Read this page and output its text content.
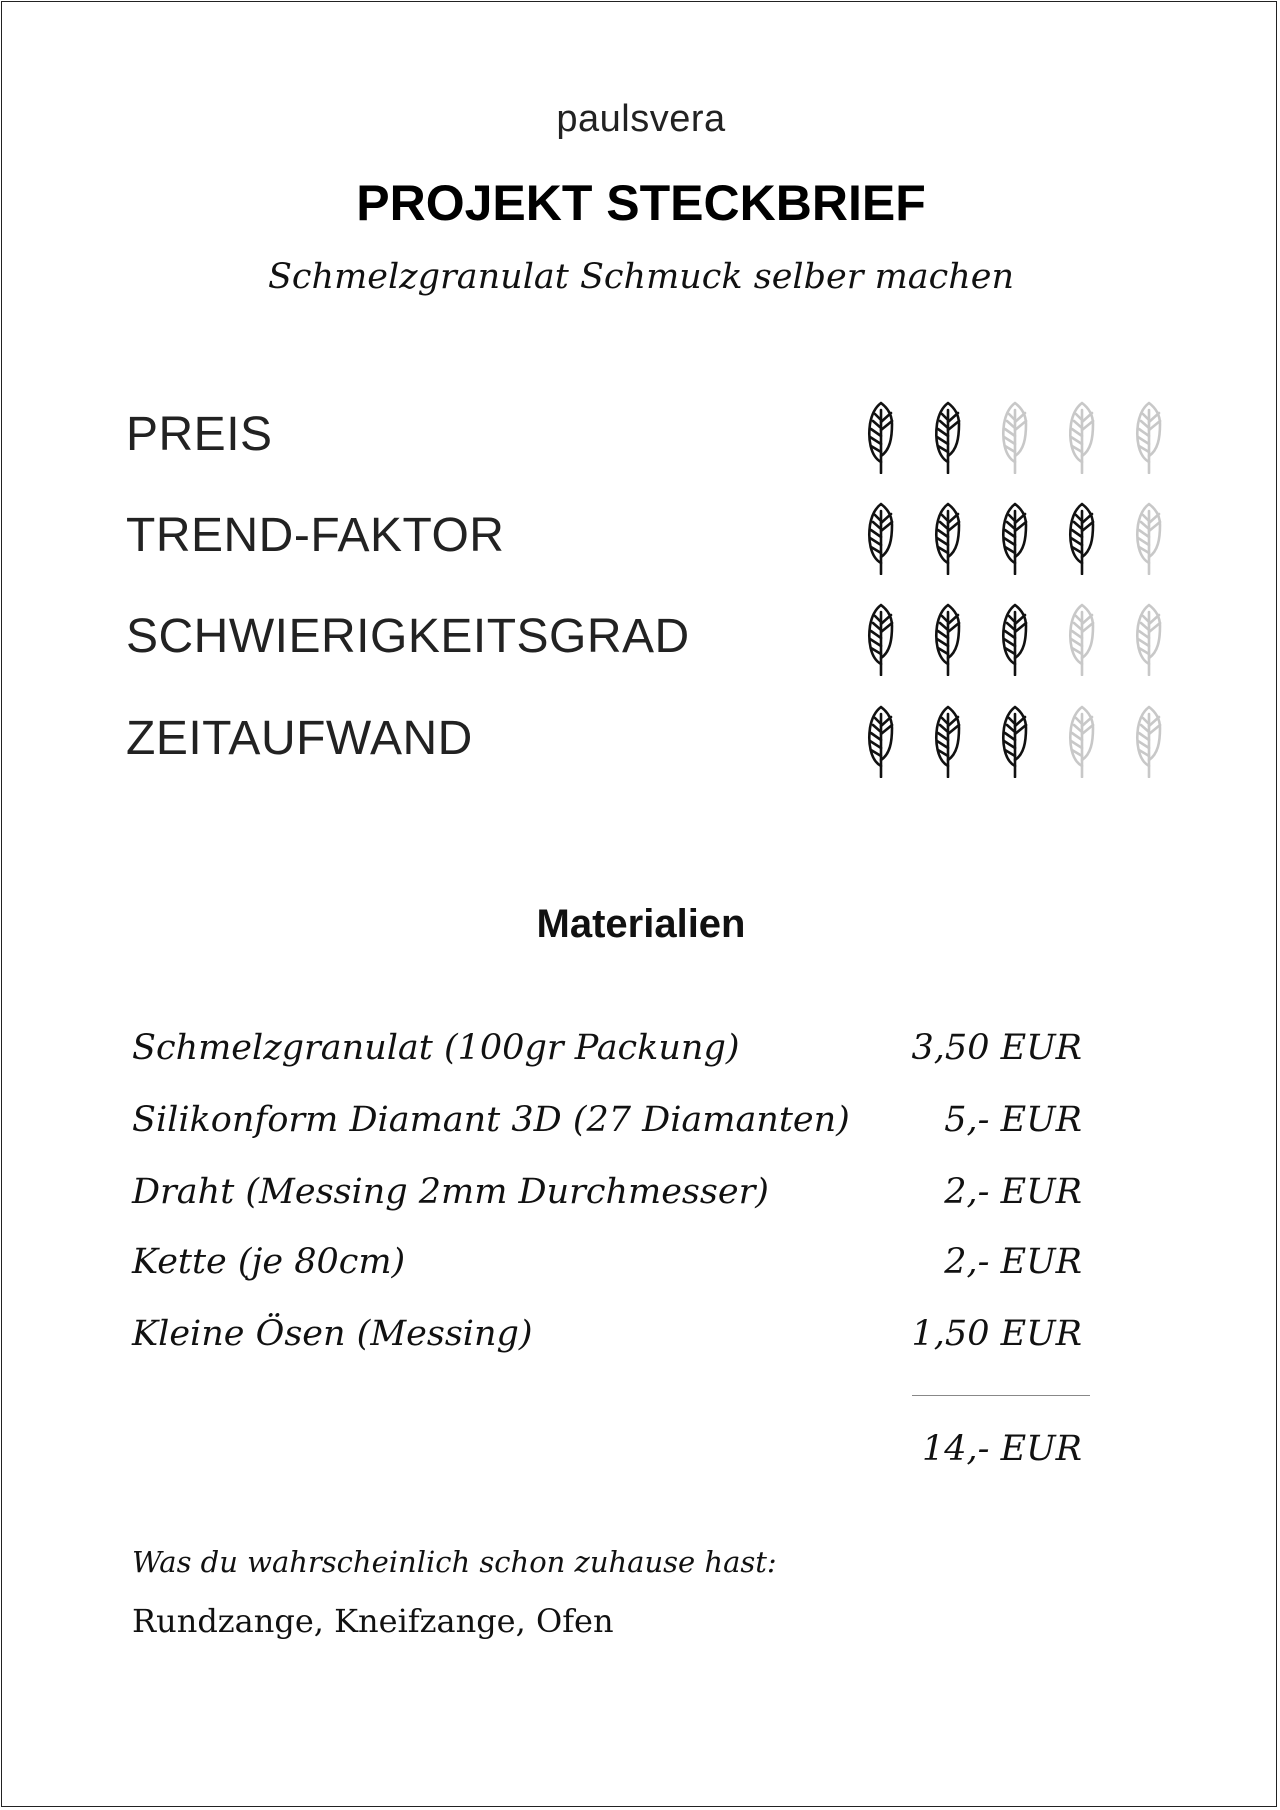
paulsvera
PROJEKT STECKBRIEF
Schmelzgranulat Schmuck selber machen
PREIS
TREND-FAKTOR
SCHWIERIGKEITSGRAD
ZEITAUFWAND
Materialien
Schmelzgranulat (100gr Packung)	3,50 EUR
Silikonform Diamant 3D (27 Diamanten)	5,- EUR
Draht (Messing 2mm Durchmesser)	2,- EUR
Kette (je 80cm)	2,- EUR
Kleine Ösen (Messing)	1,50 EUR
14,- EUR
Was du wahrscheinlich schon zuhause hast:
Rundzange, Kneifzange, Ofen
